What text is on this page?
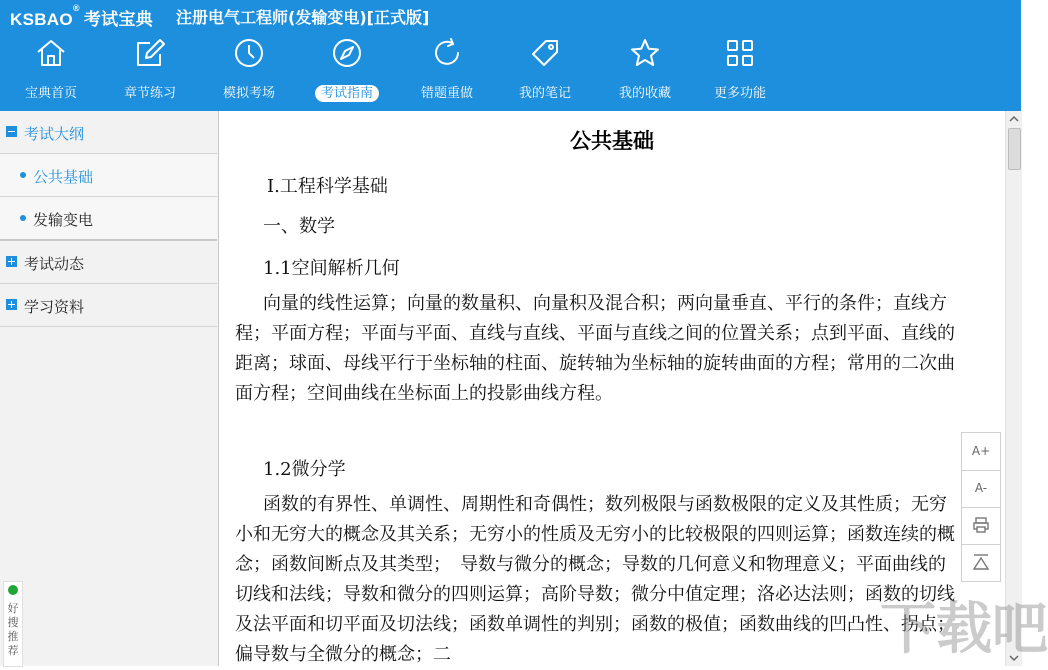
KSBAO®考试宝典 注册电气工程师(发输变电)[正式版]
宝典首页	章节练习	模拟考场	考试指南	错题重做	我的笔记	我的收藏	更多功能
考试大纲
公共基础
发输变电
考试动态
学习资料
好搜推荐
公共基础
Ⅰ.工程科学基础
一、数学
1.1空间解析几何
向量的线性运算；向量的数量积、向量积及混合积；两向量垂直、平行的条件；直线方程；平面方程；平面与平面、直线与直线、平面与直线之间的位置关系；点到平面、直线的距离；球面、母线平行于坐标轴的柱面、旋转轴为坐标轴的旋转曲面的方程；常用的二次曲面方程；空间曲线在坐标面上的投影曲线方程。
1.2微分学
函数的有界性、单调性、周期性和奇偶性；数列极限与函数极限的定义及其性质；无穷小和无穷大的概念及其关系；无穷小的性质及无穷小的比较极限的四则运算；函数连续的概念；函数间断点及其类型；　导数与微分的概念；导数的几何意义和物理意义；平面曲线的切线和法线；导数和微分的四则运算；高阶导数；微分中值定理；洛必达法则；函数的切线及法平面和切平面及切法线；函数单调性的判别；函数的极值；函数曲线的凹凸性、拐点；偏导数与全微分的概念；二
A+
A-
下载吧
